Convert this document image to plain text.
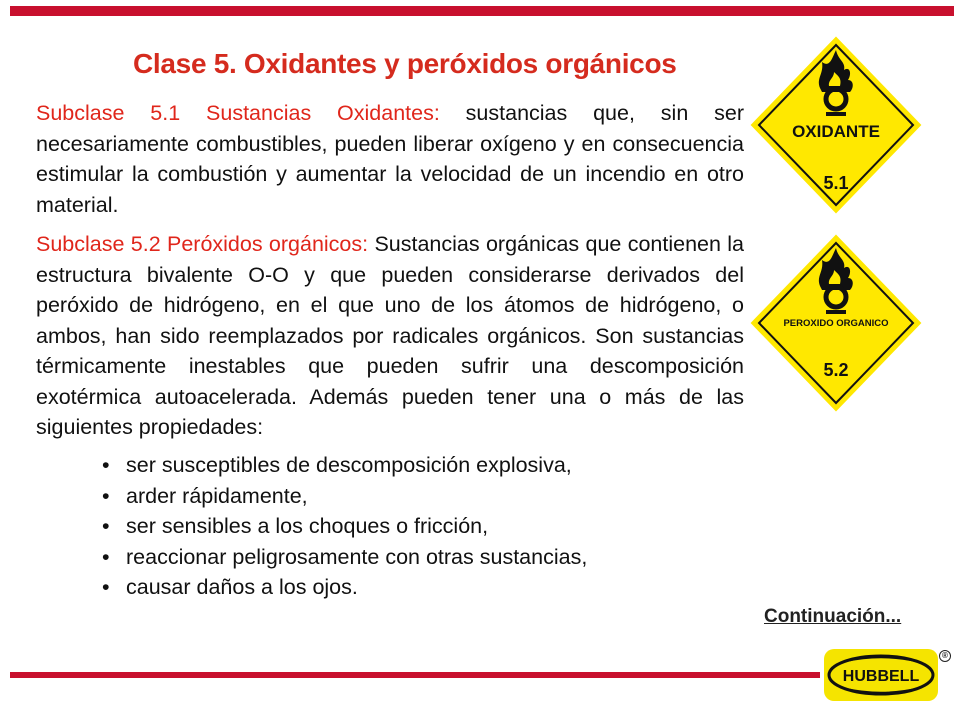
Clase 5. Oxidantes y peróxidos orgánicos

Subclase 5.1 Sustancias Oxidantes: sustancias que, sin ser necesariamente combustibles, pueden liberar oxígeno y en consecuencia estimular la combustión y aumentar la velocidad de un incendio en otro material.

Subclase 5.2 Peróxidos orgánicos: Sustancias orgánicas que contienen la estructura bivalente O-O y que pueden considerarse derivados del peróxido de hidrógeno, en el que uno de los átomos de hidrógeno, o ambos, han sido reemplazados por radicales orgánicos. Son sustancias térmicamente inestables que pueden sufrir una descomposición exotérmica autoacelerada. Además pueden tener una o más de las siguientes propiedades:

• ser susceptibles de descomposición explosiva,
• arder rápidamente,
• ser sensibles a los choques o fricción,
• reaccionar peligrosamente con otras sustancias,
• causar daños a los ojos.
OXIDANTE
5.1
PEROXIDO ORGANICO
5.2
Continuación...
HUBBELL
®
